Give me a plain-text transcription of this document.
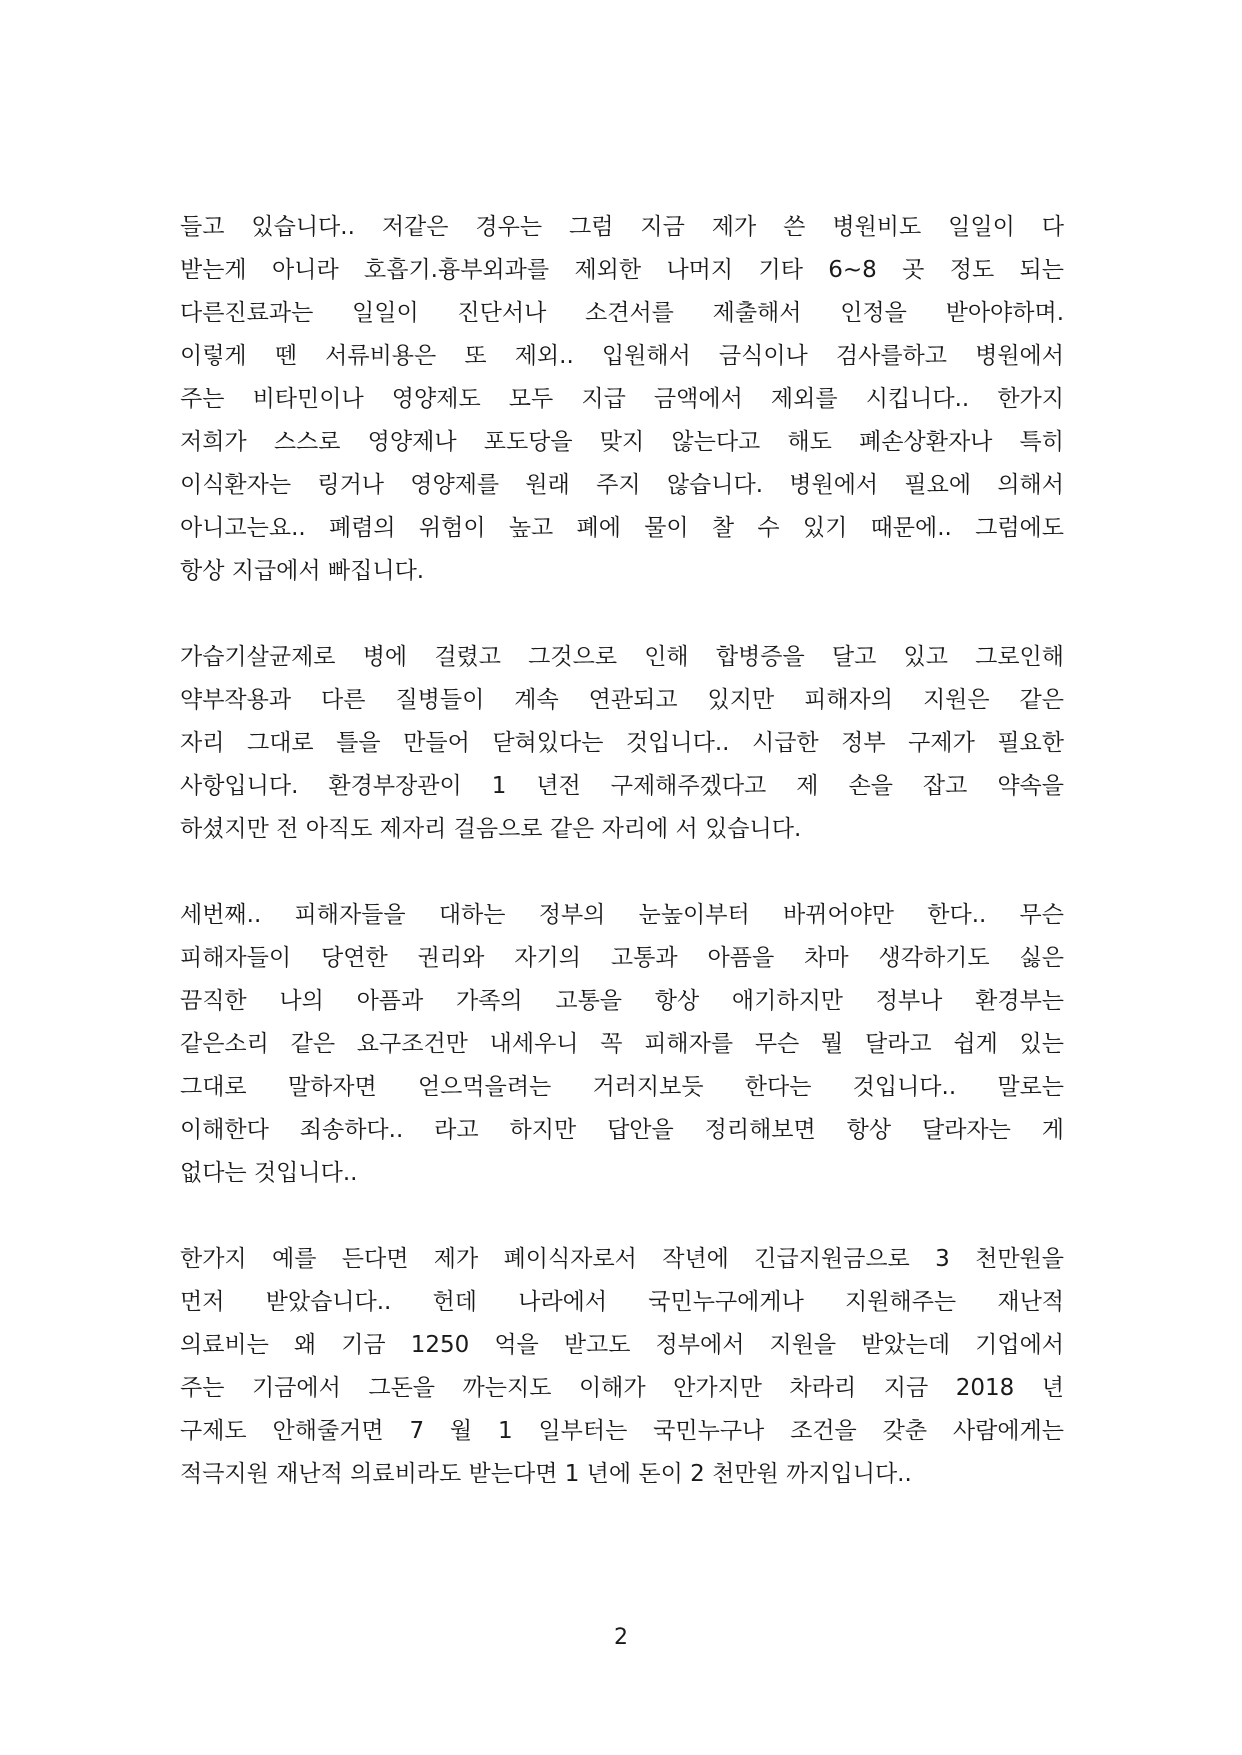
들고 있습니다.. 저같은 경우는 그럼 지금 제가 쓴 병원비도 일일이 다
받는게 아니라 호흡기.흉부외과를 제외한 나머지 기타 6~8 곳 정도 되는
다른진료과는 일일이 진단서나 소견서를 제출해서 인정을 받아야하며.
이렇게 뗀 서류비용은 또 제외.. 입원해서 금식이나 검사를하고 병원에서
주는 비타민이나 영양제도 모두 지급 금액에서 제외를 시킵니다.. 한가지
저희가 스스로 영양제나 포도당을 맞지 않는다고 해도 폐손상환자나 특히
이식환자는 링거나 영양제를 원래 주지 않습니다. 병원에서 필요에 의해서
아니고는요.. 폐렴의 위험이 높고 폐에 물이 찰 수 있기 때문에.. 그럼에도
항상 지급에서 빠집니다.
가습기살균제로 병에 걸렸고 그것으로 인해 합병증을 달고 있고 그로인해
약부작용과 다른 질병들이 계속 연관되고 있지만 피해자의 지원은 같은
자리 그대로 틀을 만들어 닫혀있다는 것입니다.. 시급한 정부 구제가 필요한
사항입니다. 환경부장관이 1 년전 구제해주겠다고 제 손을 잡고 약속을
하셨지만 전 아직도 제자리 걸음으로 같은 자리에 서 있습니다.
세번째.. 피해자들을 대하는 정부의 눈높이부터 바뀌어야만 한다.. 무슨
피해자들이 당연한 권리와 자기의 고통과 아픔을 차마 생각하기도 싫은
끔직한 나의 아픔과 가족의 고통을 항상 애기하지만 정부나 환경부는
같은소리 같은 요구조건만 내세우니 꼭 피해자를 무슨 뭘 달라고 쉽게 있는
그대로 말하자면 얻으먹을려는 거러지보듯 한다는 것입니다.. 말로는
이해한다 죄송하다.. 라고 하지만 답안을 정리해보면 항상 달라자는 게
없다는 것입니다..
한가지 예를 든다면 제가 폐이식자로서 작년에 긴급지원금으로 3 천만원을
먼저 받았습니다.. 헌데 나라에서 국민누구에게나 지원해주는 재난적
의료비는 왜 기금 1250 억을 받고도 정부에서 지원을 받았는데 기업에서
주는 기금에서 그돈을 까는지도 이해가 안가지만 차라리 지금 2018 년
구제도 안해줄거면 7 월 1 일부터는 국민누구나 조건을 갖춘 사람에게는
적극지원 재난적 의료비라도 받는다면 1 년에 돈이 2 천만원 까지입니다..
2
